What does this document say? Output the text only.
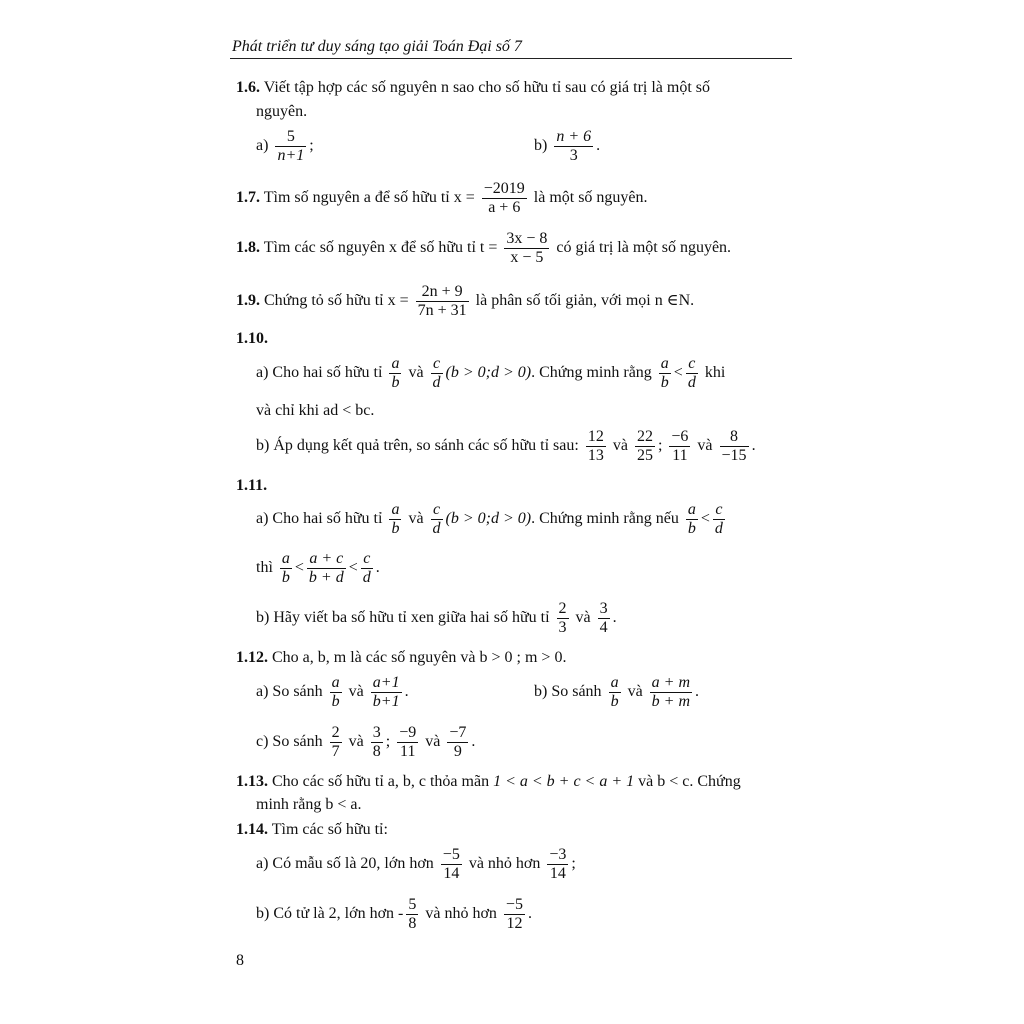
Phát triển tư duy sáng tạo giải Toán Đại số 7
1.6. Viết tập hợp các số nguyên n sao cho số hữu tỉ sau có giá trị là một số
nguyên.
$a) \frac{5}{n+1}$ ;	$b) \frac{n + 6}{3}$ .
1.7. Tìm số nguyên a để số hữu tỉ $x = \frac{-2019}{a + 6}$ là một số nguyên.
1.8. Tìm các số nguyên x để số hữu tỉ $t = \frac{3x - 8}{x - 5}$ có giá trị là một số nguyên.
1.9. Chứng tỏ số hữu tỉ $x = \frac{2n + 9}{7n + 31}$ là phân số tối giản, với mọi n ∈N.
1.10.
a) Cho hai số hữu tỉ $\frac{a}{b}$ và $\frac{c}{d} (b$ > 0;d > 0). Chứng minh rằng $\frac{a}{b} < \frac{c}{d}$ khi
và chỉ khi ad < bc.
b) Áp dụng kết quả trên, so sánh các số hữu tỉ sau: $\frac{12}{13}$ và $\frac{22}{25}$ ; $\frac{-6}{11}$ và $\frac{8}{-15}$ .
1.11.
a) Cho hai số hữu tỉ $\frac{a}{b}$ và $\frac{c}{d} (b$ > 0;d > 0). Chứng minh rằng nếu $\frac{a}{b} < \frac{c}{d}$
thì $\frac{a}{b} < \frac{a + c}{b + d} < \frac{c}{d}$ .
b) Hãy viết ba số hữu tỉ xen giữa hai số hữu tỉ $\frac{2}{3}$ và $\frac{3}{4}$ .
1.12. Cho a, b, m là các số nguyên và b > 0 ; m > 0.
a) So sánh $\frac{a}{b}$ và $\frac{a+1}{b+1}$ .	b) So sánh $\frac{a}{b}$ và $\frac{a + m}{b + m}$ .
c) So sánh $\frac{2}{7}$ và $\frac{3}{8}$ ; $\frac{-9}{11}$ và $\frac{-7}{9}$ .
1.13. Cho các số hữu tỉ a, b, c thỏa mãn 1 < a < b + c < a + 1 và b < c. Chứng
minh rằng b < a.
1.14. Tìm các số hữu tỉ:
a) Có mẫu số là 20, lớn hơn $\frac{-5}{14}$ và nhỏ hơn $\frac{-3}{14}$ ;
b) Có tử là 2, lớn hơn - $\frac{5}{8}$ và nhỏ hơn $\frac{-5}{12}$ .
8
